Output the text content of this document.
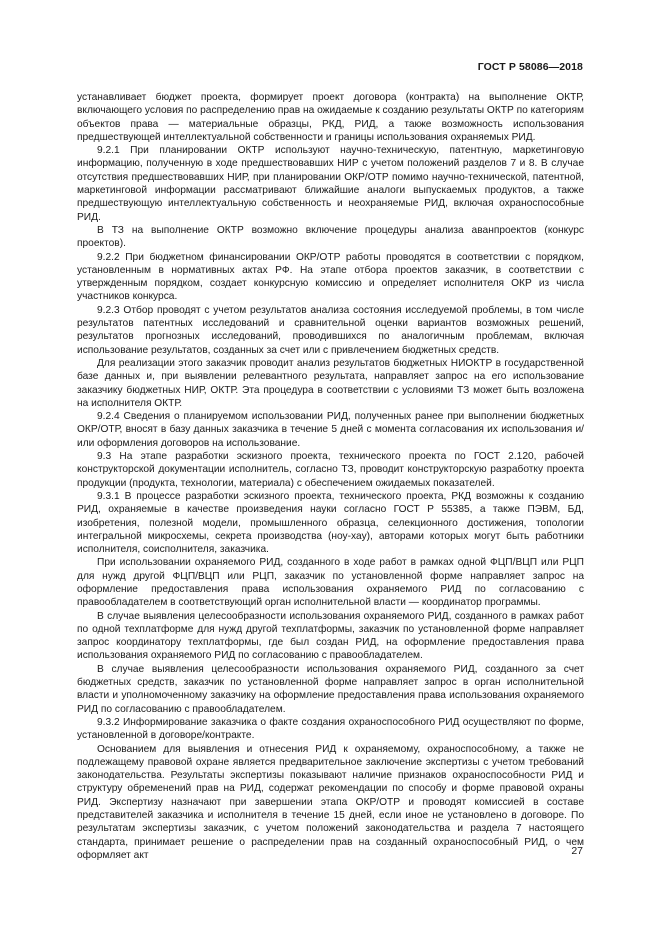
ГОСТ Р 58086—2018

устанавливает бюджет проекта, формирует проект договора (контракта) на выполнение ОКТР, включающего условия по распределению прав на ожидаемые к созданию результаты ОКТР по категориям объектов права — материальные образцы, РКД, РИД, а также возможность использования предшествующей интеллектуальной собственности и границы использования охраняемых РИД.

9.2.1 При планировании ОКТР используют научно-техническую, патентную, маркетинговую информацию, полученную в ходе предшествовавших НИР с учетом положений разделов 7 и 8. В случае отсутствия предшествовавших НИР, при планировании ОКР/ОТР помимо научно-технической, патентной, маркетинговой информации рассматривают ближайшие аналоги выпускаемых продуктов, а также предшествующую интеллектуальную собственность и неохраняемые РИД, включая охраноспособные РИД.

В ТЗ на выполнение ОКТР возможно включение процедуры анализа аванпроектов (конкурс проектов).

9.2.2 При бюджетном финансировании ОКР/ОТР работы проводятся в соответствии с порядком, установленным в нормативных актах РФ. На этапе отбора проектов заказчик, в соответствии с утвержденным порядком, создает конкурсную комиссию и определяет исполнителя ОКР из числа участников конкурса.

9.2.3 Отбор проводят с учетом результатов анализа состояния исследуемой проблемы, в том числе результатов патентных исследований и сравнительной оценки вариантов возможных решений, результатов прогнозных исследований, проводившихся по аналогичным проблемам, включая использование результатов, созданных за счет или с привлечением бюджетных средств.

Для реализации этого заказчик проводит анализ результатов бюджетных НИОКТР в государственной базе данных и, при выявлении релевантного результата, направляет запрос на его использование заказчику бюджетных НИР, ОКТР. Эта процедура в соответствии с условиями ТЗ может быть возложена на исполнителя ОКТР.

9.2.4 Сведения о планируемом использовании РИД, полученных ранее при выполнении бюджетных ОКР/ОТР, вносят в базу данных заказчика в течение 5 дней с момента согласования их использования и/или оформления договоров на использование.

9.3 На этапе разработки эскизного проекта, технического проекта по ГОСТ 2.120, рабочей конструкторской документации исполнитель, согласно ТЗ, проводит конструкторскую разработку проекта продукции (продукта, технологии, материала) с обеспечением ожидаемых показателей.

9.3.1 В процессе разработки эскизного проекта, технического проекта, РКД возможны к созданию РИД, охраняемые в качестве произведения науки согласно ГОСТ Р 55385, а также ПЭВМ, БД, изобретения, полезной модели, промышленного образца, селекционного достижения, топологии интегральной микросхемы, секрета производства (ноу-хау), авторами которых могут быть работники исполнителя, соисполнителя, заказчика.

При использовании охраняемого РИД, созданного в ходе работ в рамках одной ФЦП/ВЦП или РЦП для нужд другой ФЦП/ВЦП или РЦП, заказчик по установленной форме направляет запрос на оформление предоставления права использования охраняемого РИД по согласованию с правообладателем в соответствующий орган исполнительной власти — координатор программы.

В случае выявления целесообразности использования охраняемого РИД, созданного в рамках работ по одной техплатформе для нужд другой техплатформы, заказчик по установленной форме направляет запрос координатору техплатформы, где был создан РИД, на оформление предоставления права использования охраняемого РИД по согласованию с правообладателем.

В случае выявления целесообразности использования охраняемого РИД, созданного за счет бюджетных средств, заказчик по установленной форме направляет запрос в орган исполнительной власти и уполномоченному заказчику на оформление предоставления права использования охраняемого РИД по согласованию с правообладателем.

9.3.2 Информирование заказчика о факте создания охраноспособного РИД осуществляют по форме, установленной в договоре/контракте.

Основанием для выявления и отнесения РИД к охраняемому, охраноспособному, а также не подлежащему правовой охране является предварительное заключение экспертизы с учетом требований законодательства. Результаты экспертизы показывают наличие признаков охраноспособности РИД и структуру обременений прав на РИД, содержат рекомендации по способу и форме правовой охраны РИД. Экспертизу назначают при завершении этапа ОКР/ОТР и проводят комиссией в составе представителей заказчика и исполнителя в течение 15 дней, если иное не установлено в договоре. По результатам экспертизы заказчик, с учетом положений законодательства и раздела 7 настоящего стандарта, принимает решение о распределении прав на созданный охраноспособный РИД, о чем оформляет акт	27
